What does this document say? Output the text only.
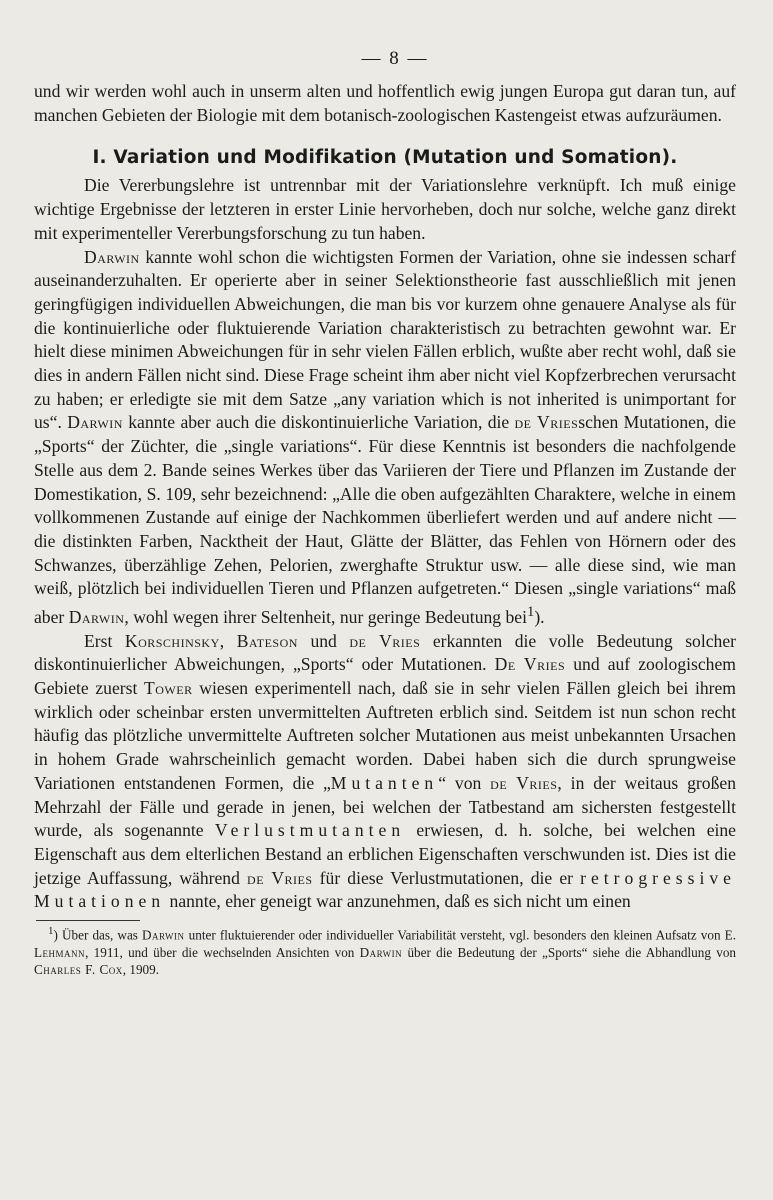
— 8 —

und wir werden wohl auch in unserm alten und hoffentlich ewig jungen Europa gut daran tun, auf manchen Gebieten der Biologie mit dem botanisch-zoologischen Kastengeist etwas aufzuräumen.

I. Variation und Modifikation (Mutation und Somation).

Die Vererbungslehre ist untrennbar mit der Variationslehre verknüpft. Ich muß einige wichtige Ergebnisse der letzteren in erster Linie hervorheben, doch nur solche, welche ganz direkt mit experimenteller Vererbungsforschung zu tun haben.

Darwin kannte wohl schon die wichtigsten Formen der Variation, ohne sie indessen scharf auseinanderzuhalten. Er operierte aber in seiner Selektionstheorie fast ausschließlich mit jenen geringfügigen individuellen Abweichungen, die man bis vor kurzem ohne genauere Analyse als für die kontinuierliche oder fluktuierende Variation charakteristisch zu betrachten gewohnt war. Er hielt diese minimen Abweichungen für in sehr vielen Fällen erblich, wußte aber recht wohl, daß sie dies in andern Fällen nicht sind. Diese Frage scheint ihm aber nicht viel Kopfzerbrechen verursacht zu haben; er erledigte sie mit dem Satze „any variation which is not inherited is unimportant for us“. Darwin kannte aber auch die diskontinuierliche Variation, die de Vriesschen Mutationen, die „Sports“ der Züchter, die „single variations“. Für diese Kenntnis ist besonders die nachfolgende Stelle aus dem 2. Bande seines Werkes über das Variieren der Tiere und Pflanzen im Zustande der Domestikation, S. 109, sehr bezeichnend: „Alle die oben aufgezählten Charaktere, welche in einem vollkommenen Zustande auf einige der Nachkommen überliefert werden und auf andere nicht — die distinkten Farben, Nacktheit der Haut, Glätte der Blätter, das Fehlen von Hörnern oder des Schwanzes, überzählige Zehen, Pelorien, zwerghafte Struktur usw. — alle diese sind, wie man weiß, plötzlich bei individuellen Tieren und Pflanzen aufgetreten.“ Diesen „single variations“ maß aber Darwin, wohl wegen ihrer Seltenheit, nur geringe Bedeutung bei$^1$).

Erst Korschinsky, Bateson und de Vries erkannten die volle Bedeutung solcher diskontinuierlicher Abweichungen, „Sports“ oder Mutationen. De Vries und auf zoologischem Gebiete zuerst Tower wiesen experimentell nach, daß sie in sehr vielen Fällen gleich bei ihrem wirklich oder scheinbar ersten unvermittelten Auftreten erblich sind. Seitdem ist nun schon recht häufig das plötzliche unvermittelte Auftreten solcher Mutationen aus meist unbekannten Ursachen in hohem Grade wahrscheinlich gemacht worden. Dabei haben sich die durch sprungweise Variationen entstandenen Formen, die „Mutanten“ von de Vries, in der weitaus großen Mehrzahl der Fälle und gerade in jenen, bei welchen der Tatbestand am sichersten festgestellt wurde, als sogenannte Verlustmutanten erwiesen, d. h. solche, bei welchen eine Eigenschaft aus dem elterlichen Bestand an erblichen Eigenschaften verschwunden ist. Dies ist die jetzige Auffassung, während de Vries für diese Verlustmutationen, die er retrogressive Mutationen nannte, eher geneigt war anzunehmen, daß es sich nicht um einen

$^1$) Über das, was Darwin unter fluktuierender oder individueller Variabilität versteht, vgl. besonders den kleinen Aufsatz von E. Lehmann, 1911, und über die wechselnden Ansichten von Darwin über die Bedeutung der „Sports“ siehe die Abhandlung von Charles F. Cox, 1909.
